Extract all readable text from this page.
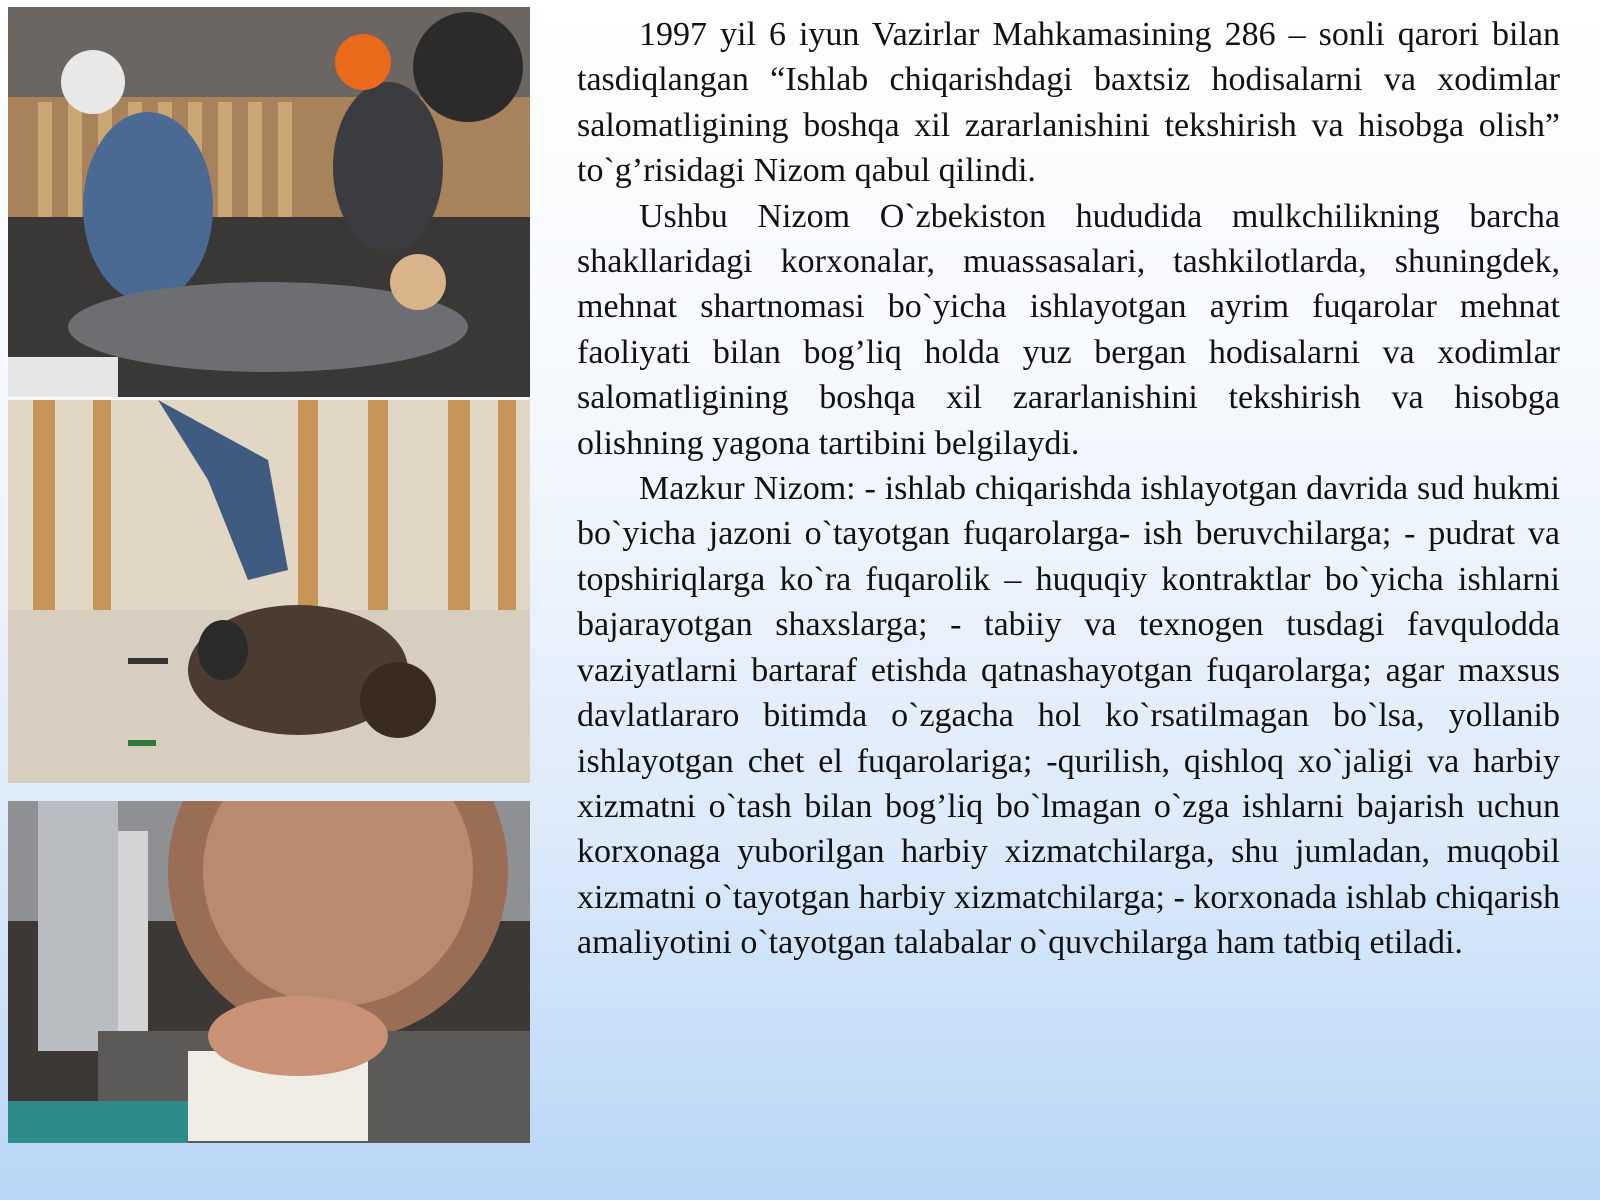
1997 yil 6 iyun Vazirlar Mahkamasining 286 – sonli qarori bilan tasdiqlangan “Ishlab chiqarishdagi baxtsiz hodisalarni va xodimlar salomatligining boshqa xil zararlanishini tekshirish va hisobga olish” to`g’risidagi Nizom qabul qilindi.

Ushbu Nizom O`zbekiston hududida mulkchilikning barcha shakllaridagi korxonalar, muassasalari, tashkilotlarda, shuningdek, mehnat shartnomasi bo`yicha ishlayotgan ayrim fuqarolar mehnat faoliyati bilan bog’liq holda yuz bergan hodisalarni va xodimlar salomatligining boshqa xil zararlanishini tekshirish va hisobga olishning yagona tartibini belgilaydi.

Mazkur Nizom: - ishlab chiqarishda ishlayotgan davrida sud hukmi bo`yicha jazoni o`tayotgan fuqarolarga- ish beruvchilarga; - pudrat va topshiriqlarga ko`ra fuqarolik – huquqiy kontraktlar bo`yicha ishlarni bajarayotgan shaxslarga; - tabiiy va texnogen tusdagi favqulodda vaziyatlarni bartaraf etishda qatnashayotgan fuqarolarga; agar maxsus davlatlararo bitimda o`zgacha hol ko`rsatilmagan bo`lsa, yollanib ishlayotgan chet el fuqarolariga; -qurilish, qishloq xo`jaligi va harbiy xizmatni o`tash bilan bog’liq bo`lmagan o`zga ishlarni bajarish uchun korxonaga yuborilgan harbiy xizmatchilarga, shu jumladan, muqobil xizmatni o`tayotgan harbiy xizmatchilarga; - korxonada ishlab chiqarish amaliyotini o`tayotgan talabalar o`quvchilarga ham tatbiq etiladi.
